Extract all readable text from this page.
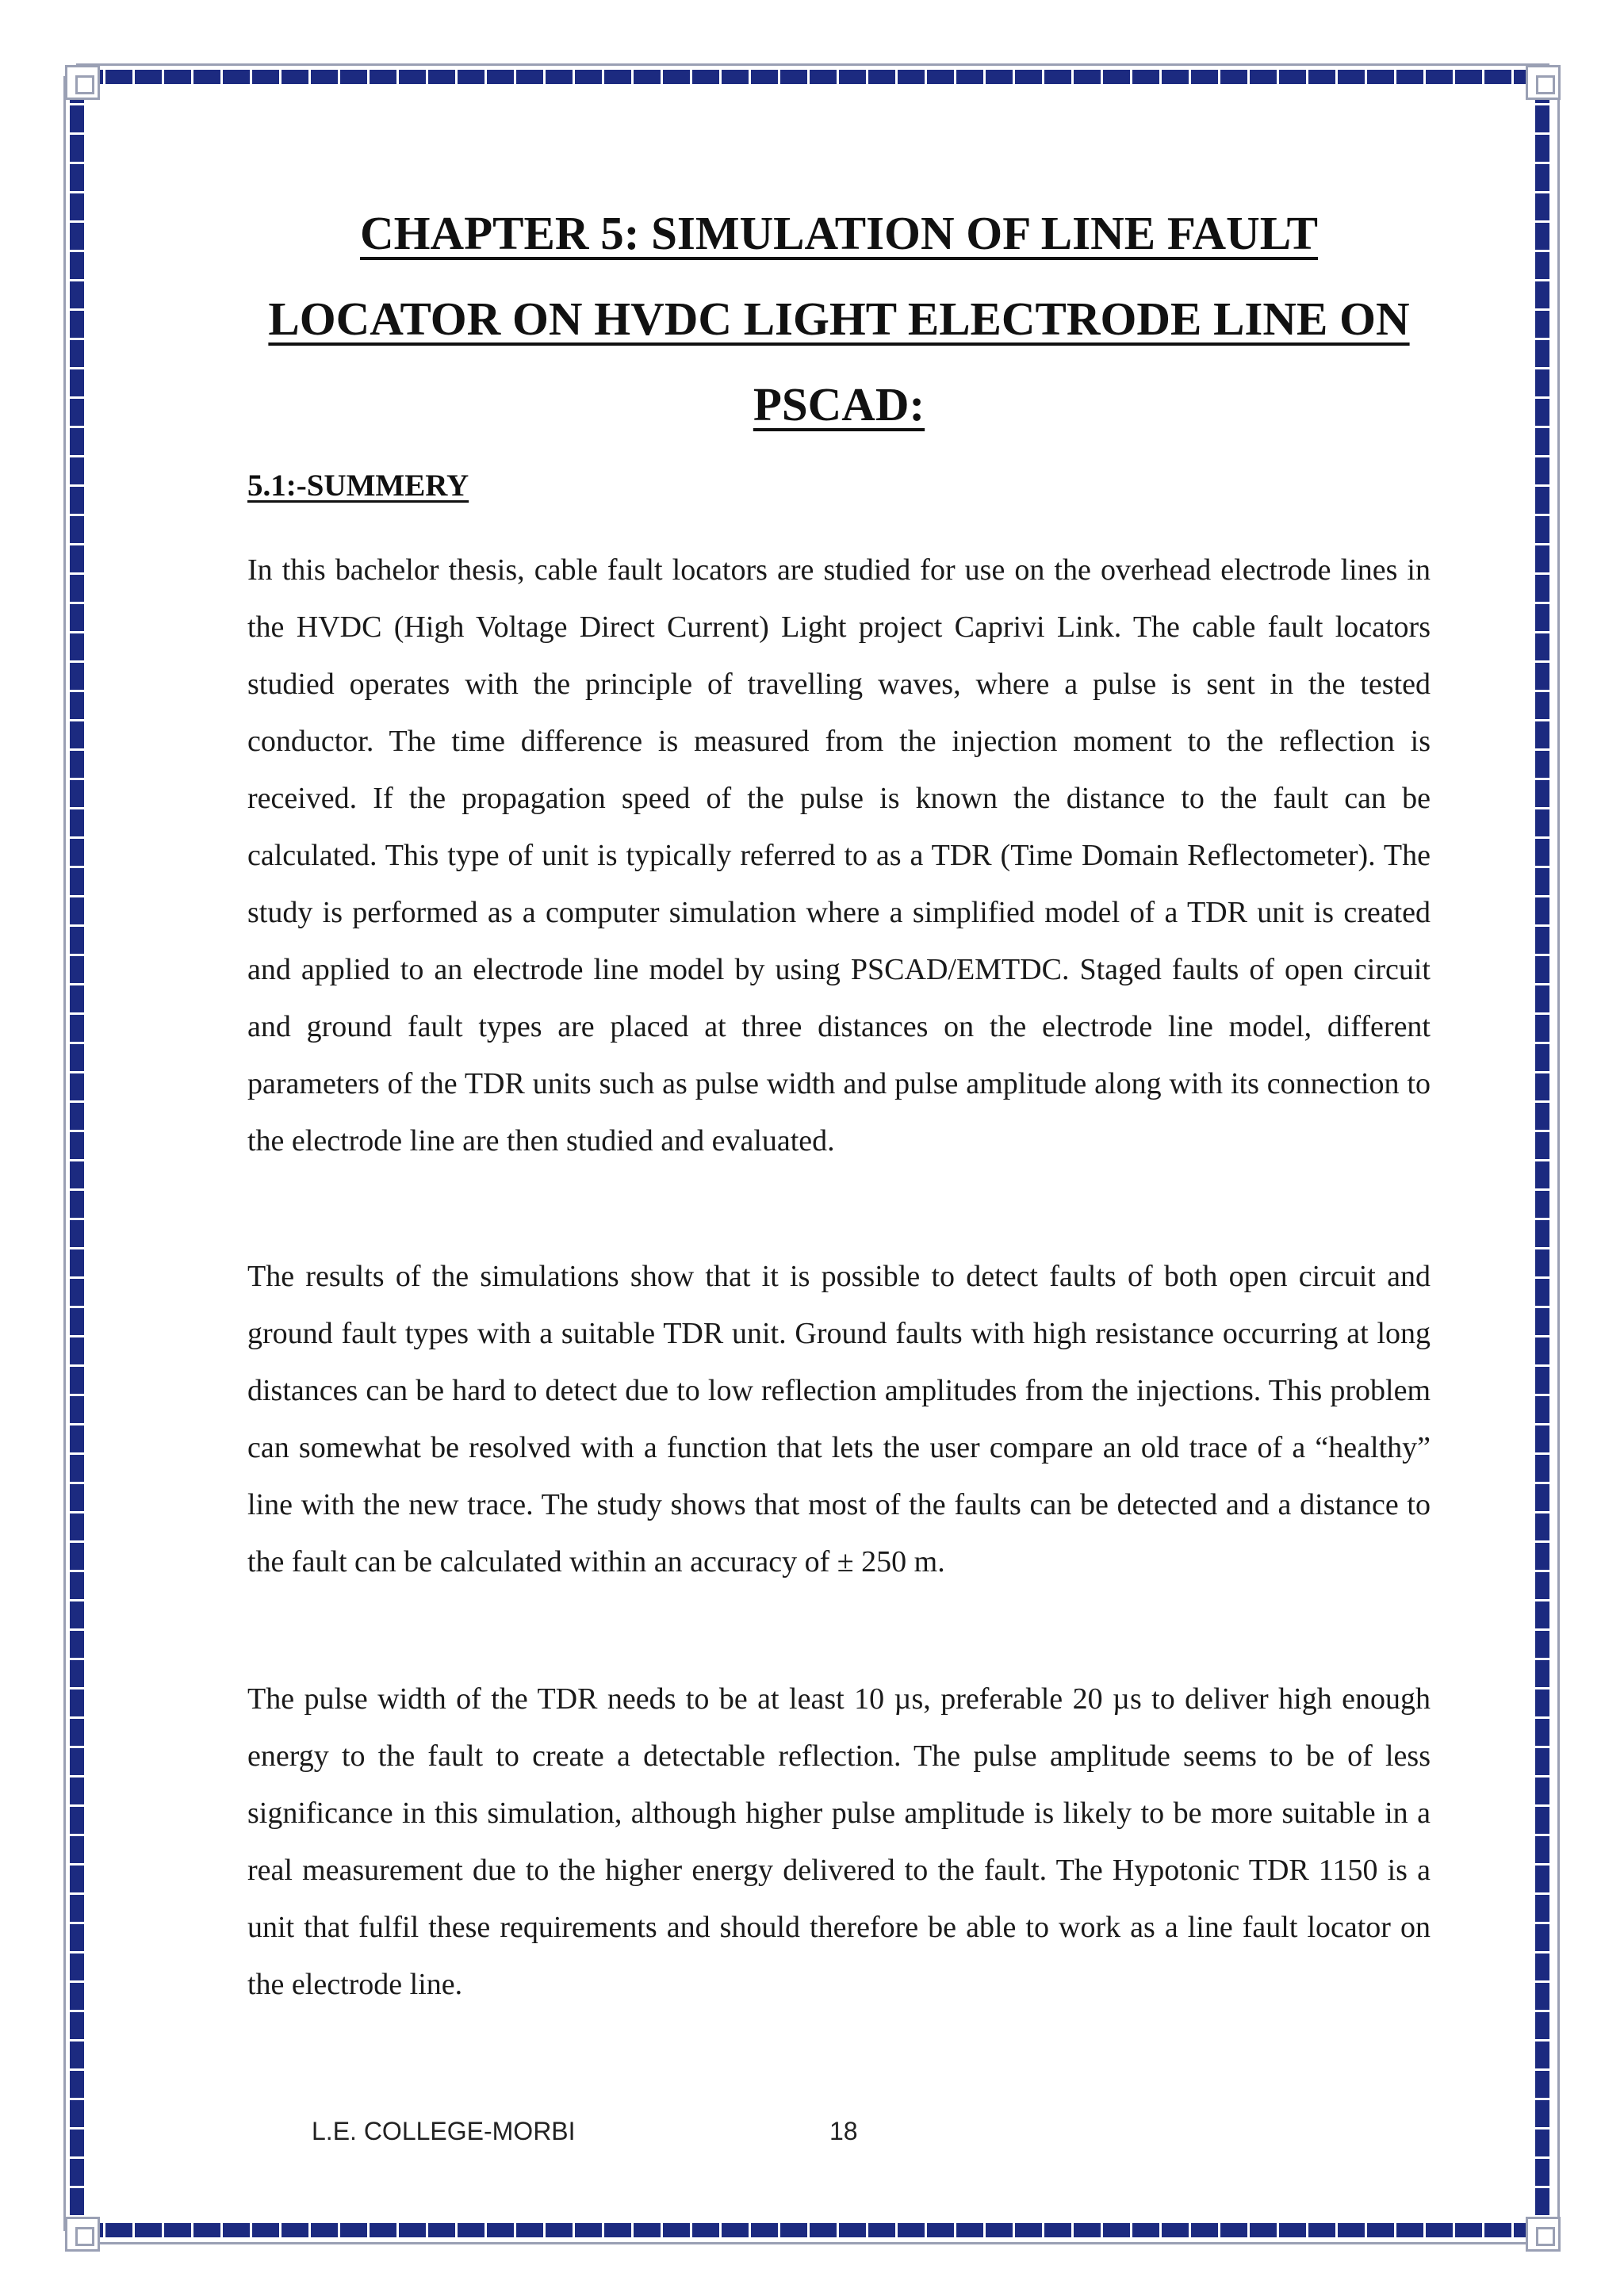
CHAPTER 5: SIMULATION OF LINE FAULT LOCATOR ON HVDC LIGHT ELECTRODE LINE ON PSCAD:
5.1:-SUMMERY

In this bachelor thesis, cable fault locators are studied for use on the overhead electrode lines in the HVDC (High Voltage Direct Current) Light project Caprivi Link. The cable fault locators studied operates with the principle of travelling waves, where a pulse is sent in the tested conductor. The time difference is measured from the injection moment to the reflection is received. If the propagation speed of the pulse is known the distance to the fault can be calculated. This type of unit is typically referred to as a TDR (Time Domain Reflectometer). The study is performed as a computer simulation where a simplified model of a TDR unit is created and applied to an electrode line model by using PSCAD/EMTDC. Staged faults of open circuit and ground fault types are placed at three distances on the electrode line model, different parameters of the TDR units such as pulse width and pulse amplitude along with its connection to the electrode line are then studied and evaluated.

The results of the simulations show that it is possible to detect faults of both open circuit and ground fault types with a suitable TDR unit. Ground faults with high resistance occurring at long distances can be hard to detect due to low reflection amplitudes from the injections. This problem can somewhat be resolved with a function that lets the user compare an old trace of a “healthy” line with the new trace. The study shows that most of the faults can be detected and a distance to the fault can be calculated within an accuracy of ± 250 m.

The pulse width of the TDR needs to be at least 10 µs, preferable 20 µs to deliver high enough energy to the fault to create a detectable reflection. The pulse amplitude seems to be of less significance in this simulation, although higher pulse amplitude is likely to be more suitable in a real measurement due to the higher energy delivered to the fault. The Hypotonic TDR 1150 is a unit that fulfil these requirements and should therefore be able to work as a line fault locator on the electrode line.

L.E. COLLEGE-MORBI	18
